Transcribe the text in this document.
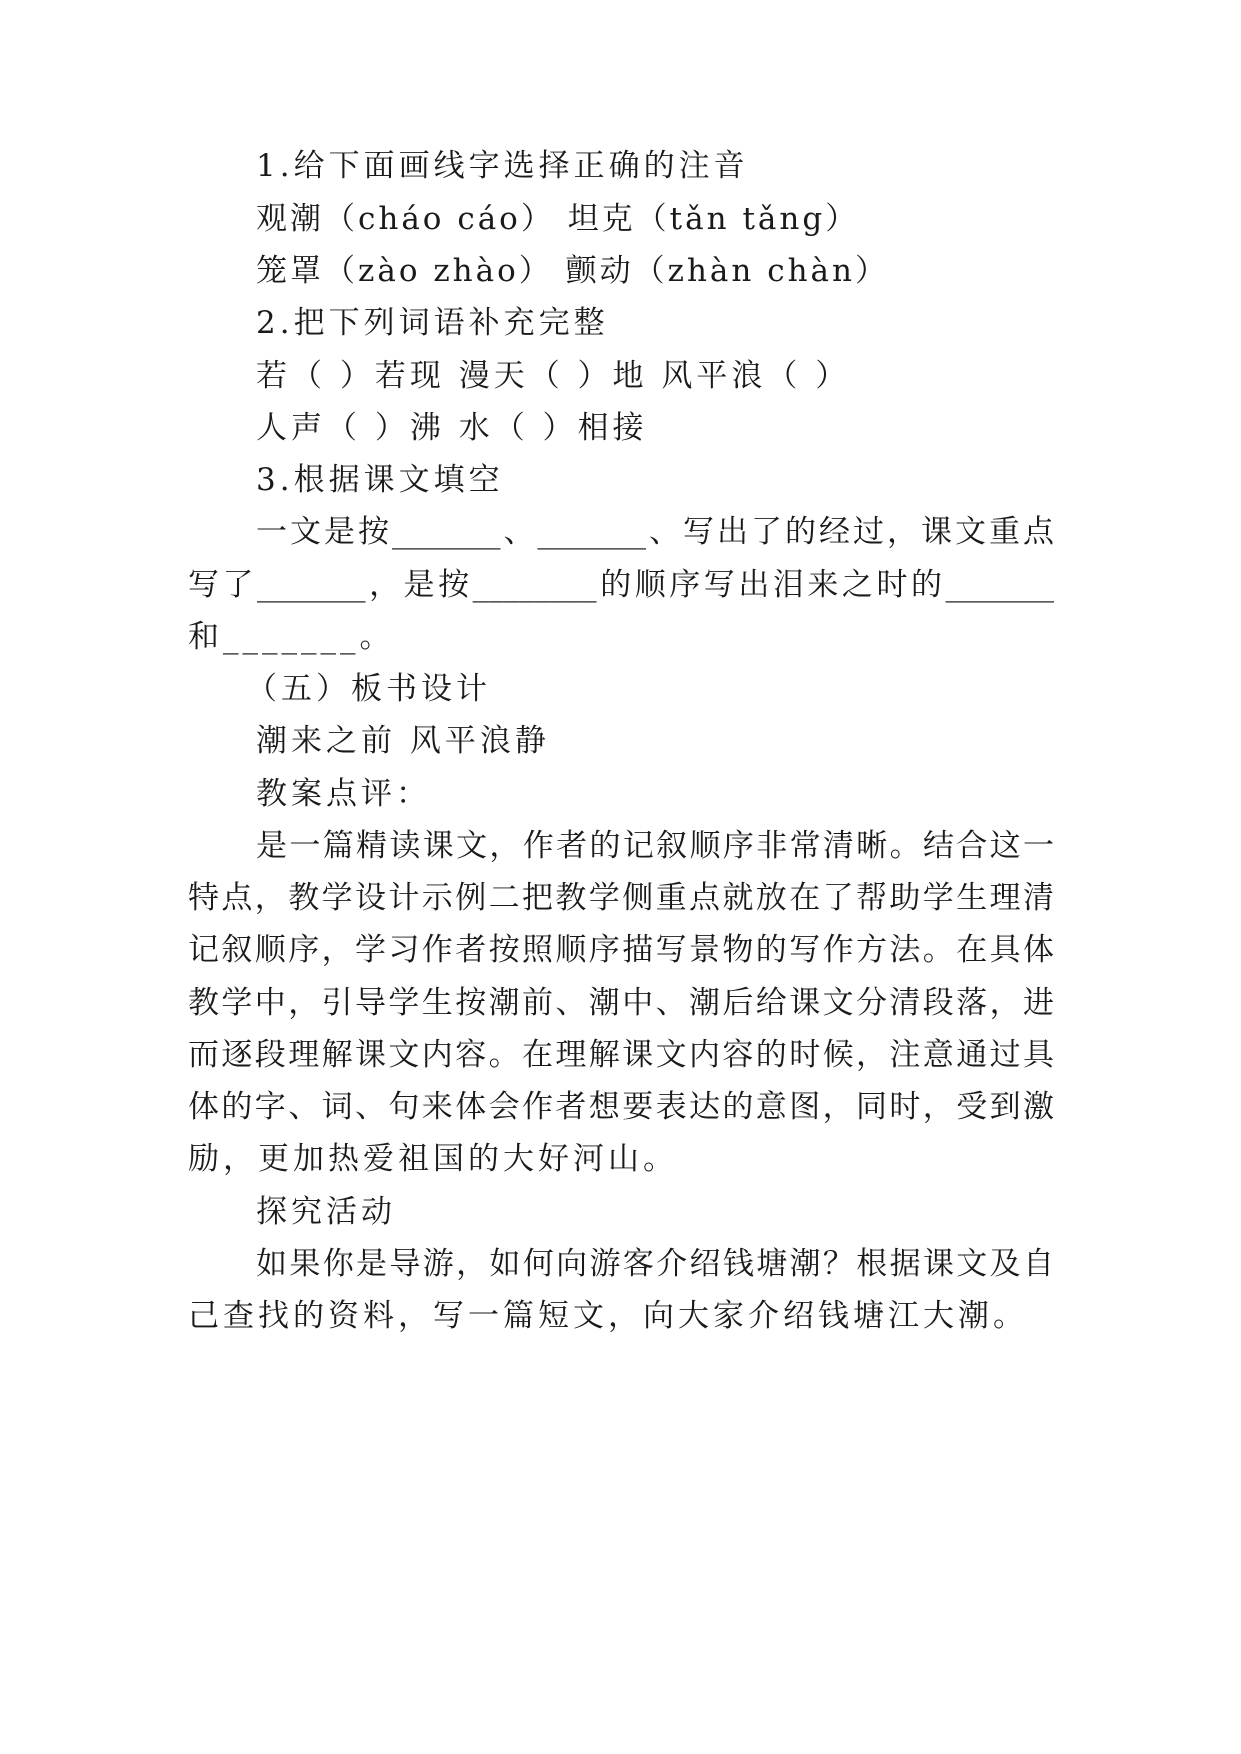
1.给下面画线字选择正确的注音
观潮（cháo cáo） 坦克（tǎn tǎng）
笼罩（zào zhào） 颤动（zhàn chàn）
2.把下列词语补充完整
若（ ）若现 漫天（ ）地 风平浪（ ）
人声（ ）沸 水（ ）相接
3.根据课文填空
一文是按_______、_______、写出了的经过，课文重点
写了_______，是按________的顺序写出泪来之时的_______
和_______。
（五）板书设计
潮来之前 风平浪静
教案点评：
是一篇精读课文，作者的记叙顺序非常清晰。结合这一
特点，教学设计示例二把教学侧重点就放在了帮助学生理清
记叙顺序，学习作者按照顺序描写景物的写作方法。在具体
教学中，引导学生按潮前、潮中、潮后给课文分清段落，进
而逐段理解课文内容。在理解课文内容的时候，注意通过具
体的字、词、句来体会作者想要表达的意图，同时，受到激
励，更加热爱祖国的大好河山。
探究活动
如果你是导游，如何向游客介绍钱塘潮？根据课文及自
己查找的资料，写一篇短文，向大家介绍钱塘江大潮。
